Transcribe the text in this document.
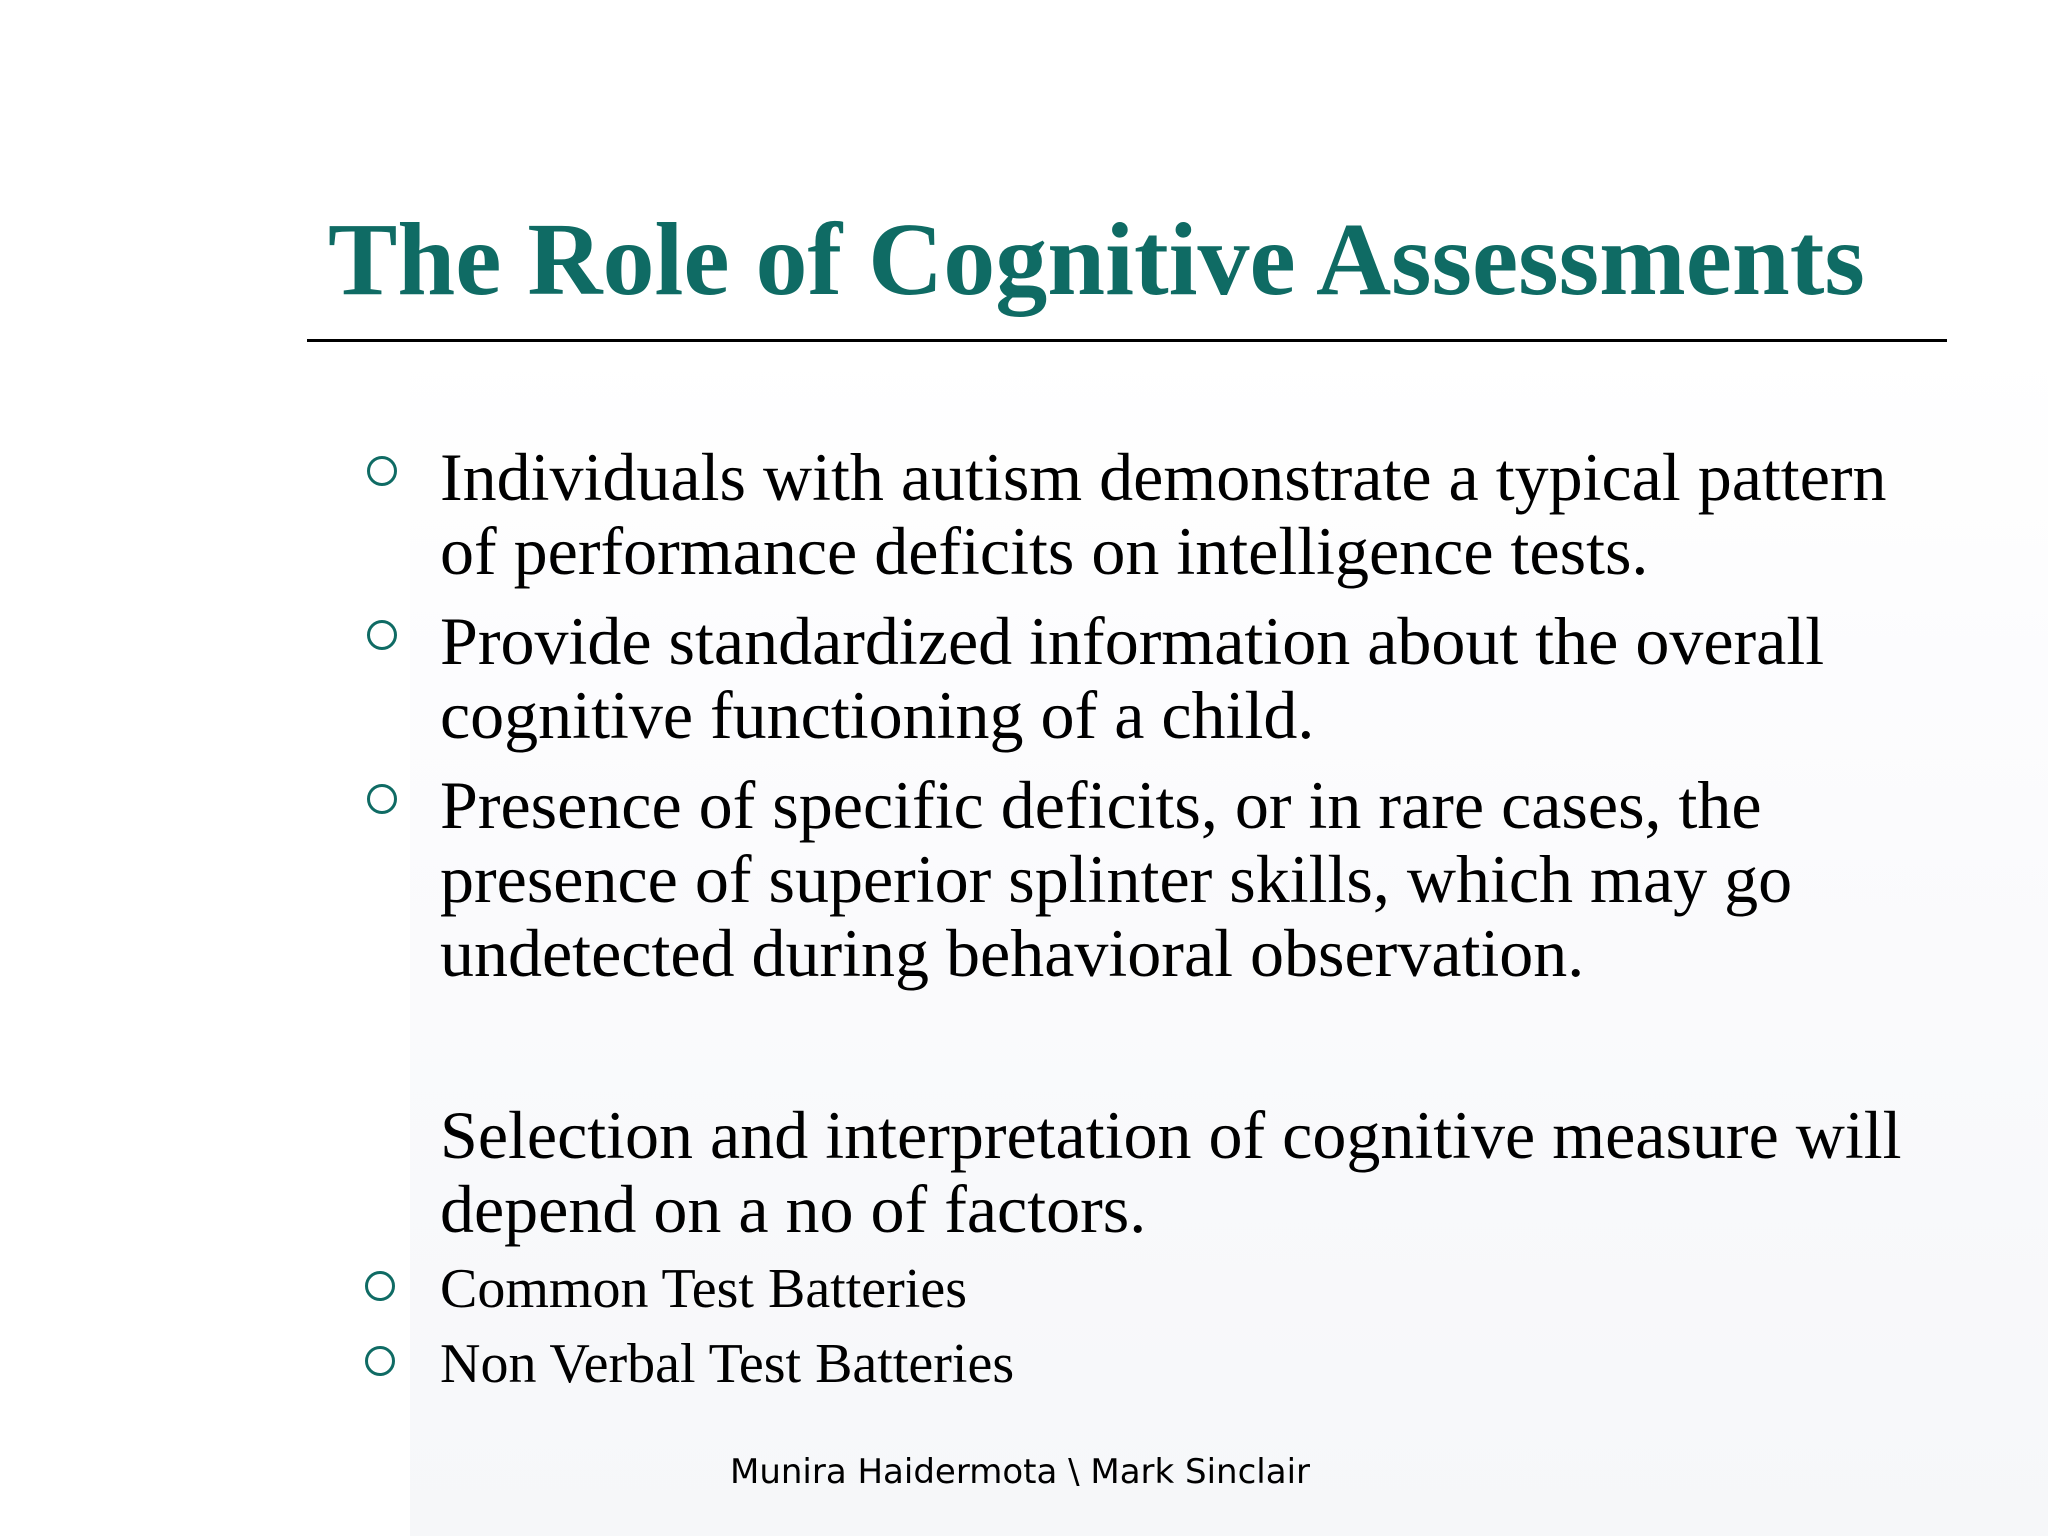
The Role of Cognitive Assessments

Individuals with autism demonstrate a typical pattern of performance deficits on intelligence tests.

Provide standardized information about the overall cognitive functioning of a child.

Presence of specific deficits, or in rare cases, the presence of superior splinter skills, which may go undetected during behavioral observation.

Selection and interpretation of cognitive measure will depend on a no of factors.

Common Test Batteries

Non Verbal Test Batteries

Munira Haidermota \ Mark Sinclair
